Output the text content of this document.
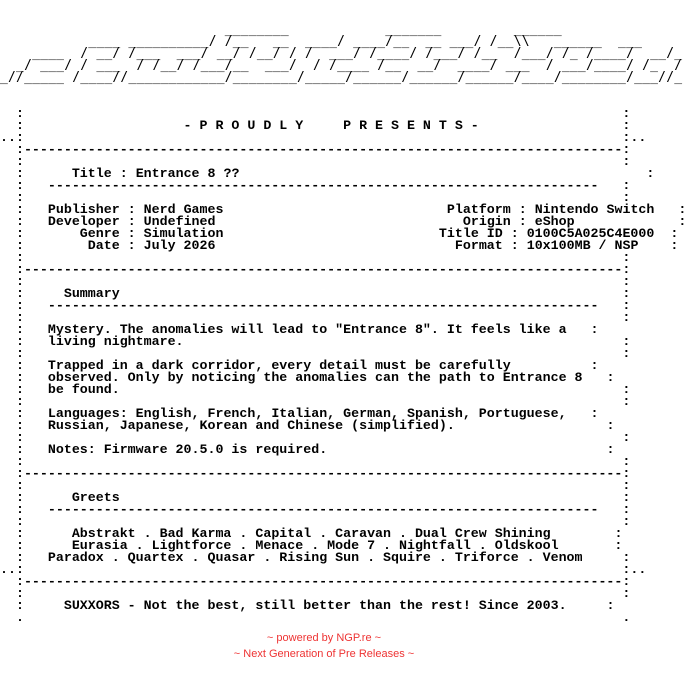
________            _______         ______
____ __________/ /__   __  ____/ ____/__  __ ___/ /__\\   ______  ___
____  / __/ /___  ___/ __/ /__/ / /  ___/ /____/ /___/ /__  /___/ /_ /____/  __/_
_/ ___/ / ___  / /__/ /___/__  ___/  / /____ /__  __/  ____/ ___  / ___/____/ /_  /
_//_____ /____//____________/________/_____/______/______/______/____/________/___//_
:                                                                           :
:                    - P R O U D L Y     P R E S E N T S -                  :
..:                                                                           :..
:---------------------------------------------------------------------------:
:                                                                           :
:      Title : Entrance 8 ??                                                   :
:   ---------------------------------------------------------------------   :
:                                                                           :
:   Publisher : Nerd Games	Platform : Nintendo Switch   :
:   Developer : Undefined	Origin : eShop             :
:       Genre : Simulation	Title ID : 0100C5A025C4E000  :
:        Date : July 2026	Format : 10x100MB / NSP    :
:                                                                           :
:---------------------------------------------------------------------------:
:                                                                           :
:     Summary                                                               :
:   ---------------------------------------------------------------------   :
:                                                                           :
:   Mystery. The anomalies will lead to "Entrance 8". It feels like a   :
:   living nightmare.                                                       :
:                                                                           :
:   Trapped in a dark corridor, every detail must be carefully          :
:   observed. Only by noticing the anomalies can the path to Entrance 8   :
:   be found.                                                               :
:                                                                           :
:   Languages: English, French, Italian, German, Spanish, Portuguese,   :
:   Russian, Japanese, Korean and Chinese (simplified).                   :
:                                                                           :
:   Notes: Firmware 20.5.0 is required.                                   :
:                                                                           :
:---------------------------------------------------------------------------:
:                                                                           :
:      Greets                                                               :
:   ---------------------------------------------------------------------   :
:                                                                           :
:      Abstrakt . Bad Karma . Capital . Caravan . Dual Crew Shining        :
:      Eurasia . Lightforce . Menace . Mode 7 . Nightfall . Oldskool       :
:   Paradox . Quartex . Quasar . Rising Sun . Squire . Triforce . Venom     :
..:                                                                           :..
:---------------------------------------------------------------------------:
:                                                                           :
:     SUXXORS - Not the best, still better than the rest! Since 2003.     :
.                                                                           .
~ powered by NGP.re ~
~ Next Generation of Pre Releases ~
